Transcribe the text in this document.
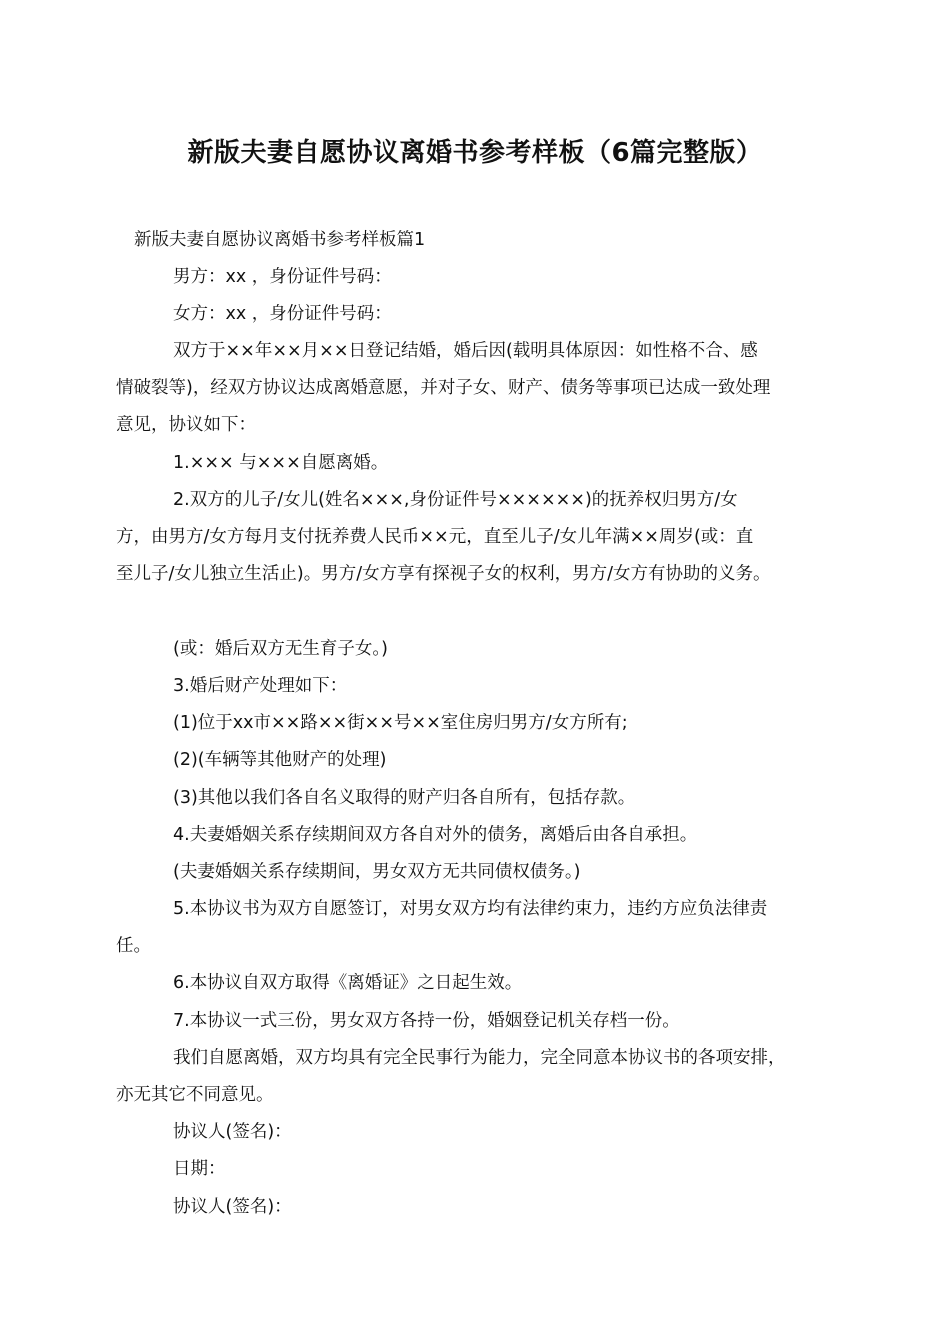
新版夫妻自愿协议离婚书参考样板（6篇完整版）
新版夫妻自愿协议离婚书参考样板篇1
男方：xx ，身份证件号码：
女方：xx ，身份证件号码：
双方于××年××月××日登记结婚，婚后因(载明具体原因：如性格不合、感
情破裂等)，经双方协议达成离婚意愿，并对子女、财产、债务等事项已达成一致处理
意见，协议如下：
1.××× 与×××自愿离婚。
2.双方的儿子/女儿(姓名×××,身份证件号××××××)的抚养权归男方/女
方，由男方/女方每月支付抚养费人民币××元，直至儿子/女儿年满××周岁(或：直
至儿子/女儿独立生活止)。男方/女方享有探视子女的权利，男方/女方有协助的义务。
(或：婚后双方无生育子女。)
3.婚后财产处理如下：
(1)位于xx市××路××街××号××室住房归男方/女方所有;
(2)(车辆等其他财产的处理)
(3)其他以我们各自名义取得的财产归各自所有，包括存款。
4.夫妻婚姻关系存续期间双方各自对外的债务，离婚后由各自承担。
(夫妻婚姻关系存续期间，男女双方无共同债权债务。)
5.本协议书为双方自愿签订，对男女双方均有法律约束力，违约方应负法律责
任。
6.本协议自双方取得《离婚证》之日起生效。
7.本协议一式三份，男女双方各持一份，婚姻登记机关存档一份。
我们自愿离婚，双方均具有完全民事行为能力，完全同意本协议书的各项安排，
亦无其它不同意见。
协议人(签名)：
日期：
协议人(签名)：
